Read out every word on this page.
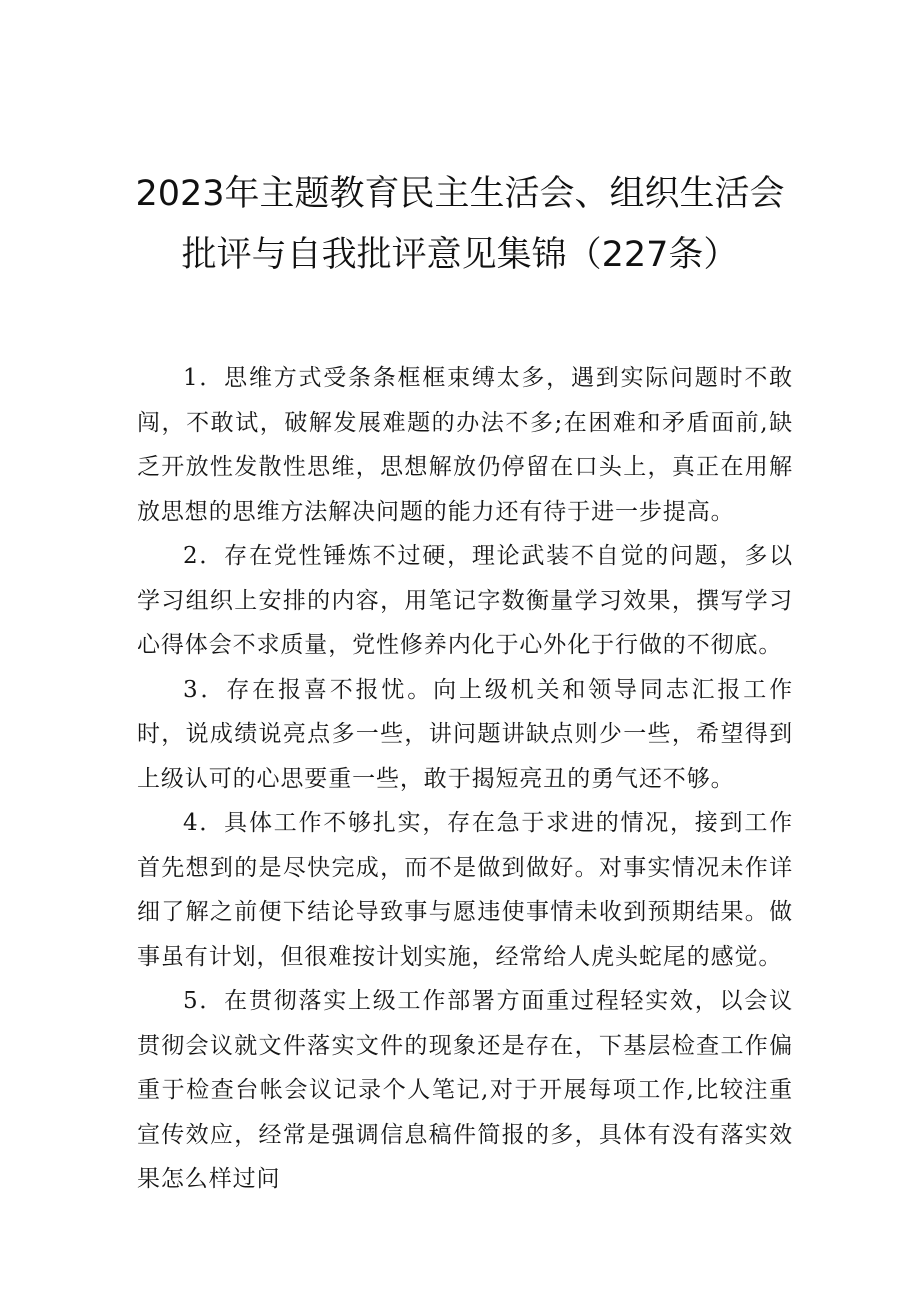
2023年主题教育民主生活会、组织生活会
批评与自我批评意见集锦（227条）

1．思维方式受条条框框束缚太多，遇到实际问题时不敢闯，不敢试，破解发展难题的办法不多;在困难和矛盾面前,缺乏开放性发散性思维，思想解放仍停留在口头上，真正在用解放思想的思维方法解决问题的能力还有待于进一步提高。

2．存在党性锤炼不过硬，理论武装不自觉的问题，多以学习组织上安排的内容，用笔记字数衡量学习效果，撰写学习心得体会不求质量，党性修养内化于心外化于行做的不彻底。

3．存在报喜不报忧。向上级机关和领导同志汇报工作时，说成绩说亮点多一些，讲问题讲缺点则少一些，希望得到上级认可的心思要重一些，敢于揭短亮丑的勇气还不够。

4．具体工作不够扎实，存在急于求进的情况，接到工作首先想到的是尽快完成，而不是做到做好。对事实情况未作详细了解之前便下结论导致事与愿违使事情未收到预期结果。做事虽有计划，但很难按计划实施，经常给人虎头蛇尾的感觉。

5．在贯彻落实上级工作部署方面重过程轻实效，以会议贯彻会议就文件落实文件的现象还是存在，下基层检查工作偏重于检查台帐会议记录个人笔记,对于开展每项工作,比较注重宣传效应，经常是强调信息稿件简报的多，具体有没有落实效果怎么样过问
